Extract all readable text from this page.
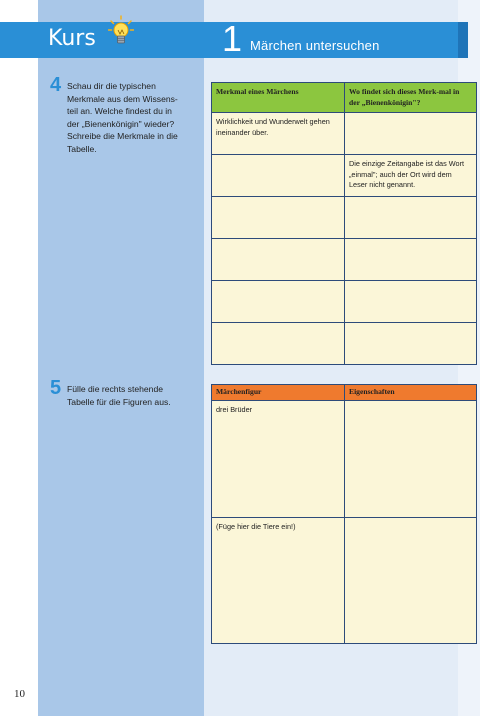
Kurs	1 Märchen untersuchen
4 Schau dir die typischen
Merkmale aus dem Wissens-
teil an. Welche findest du in
der „Bienenkönigin" wieder?
Schreibe die Merkmale in die
Tabelle.
5 Fülle die rechts stehende
Tabelle für die Figuren aus.
Merkmal eines Märchens	Wo findet sich dieses Merk-mal in der „Bienenkönigin"?
Wirklichkeit und Wunderwelt gehen ineinander über.	
	Die einzige Zeitangabe ist das Wort „einmal"; auch der Ort wird dem Leser nicht genannt.

Märchenfigur	Eigenschaften
drei Brüder	
(Füge hier die Tiere ein!)	
10
